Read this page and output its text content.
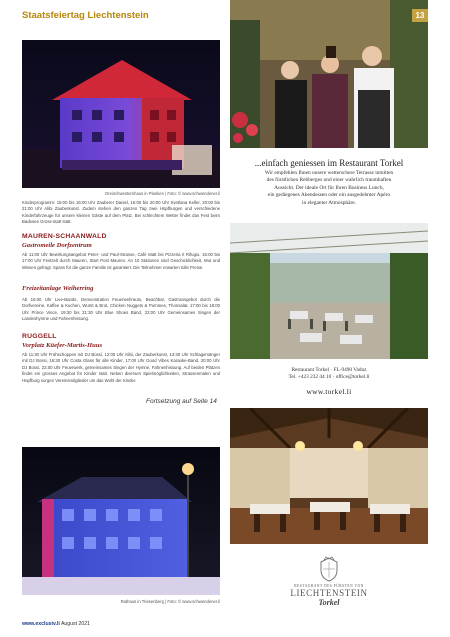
Staatsfeiertag Liechtenstein
Dreischwesternhaus in Planken | Foto: © www.schwendener.li
Kinderprogramm: 15:00 bis 16:00 Uhr Zauberer Daniel, 16:00 bis 20:00 Uhr Svetlana Keller, 20:00 bis 21:00 Uhr Alibi Zauberkunst. Zudem stehen den ganzen Tag zwei Hüpfburgen und verschiedene Kinderfahrzeuge für unsere kleinen Gäste auf dem Platz. Bei schlechtem Wetter findet das Fest beim Badesee Gross-statt statt.
MAUREN-SCHAANWALD
Gastromeile Dorfzentrum
Ab 11:00 Uhr Bewirtungsangebot Peter- und Paul-Strasse, Café Matt bis Pizzeria Il Rifugio. 15:00 bis 17:00 Uhr Festzelt durch Mauren, Start Post Mauren. An 10 Stationen sind Geschicklichkeit, Mut und Wissen gefragt. Spass für die ganze Familie ist garantiert. Die Teilnehmer erwarten tolle Preise.
Freizeitanlage Weiherring
Ab 16:00 Uhr Live-Bands, Demonstration Feuerwehrauto, Beachbar, Gastroangebot durch die Dorfvereine, Kaffee & Kuchen, Wurst & Brot, Chicken Nuggets & Pommes, Thonsalat. 17:00 bis 18:00 Uhr Prince Vince, 19:30 bis 21:30 Uhr Blue Shoes Band, 22:00 Uhr Gemeinsames Singen der Landeshymne und Fahnenhissung.
RUGGELL
Vorplatz Küefer-Martis-Huus
Ab 11:30 Uhr Frühschoppen mit DJ Bossi, 12:00 Uhr Alibi, der Zauberkunst, 13:30 Uhr Schlagersänger mit DJ Bossi, 16:30 Uhr Costa Glass für alle Kinder, 17:00 Uhr Good Vibes Karaoke-Band, 20:00 Uhr DJ Bossi, 22:00 Uhr Feuerwerk, gemeinsames Singen der Hymne, Fahnenhissung. Auf beiden Plätzen findet ein grosses Angebot für Kinder statt. Neben diversen Spielmöglichkeiten, Strassenmalen und Hüpfburg sorgen Vereinsmitglieder um das Wohl der Kinder.
Fortsetzung auf Seite 14
Rathaus in Triesenberg | Foto: © www.schwendener.li
www.exclusiv.li August 2021
13
...einfach geniessen im Restaurant Torkel
Wir empfehlen Ihnen unsere wetterschere Terrasse inmitten
des fürstlichen Rebberges und einer wahrlich traumhaften
Aussicht. Der ideale Ort für Ihren Business Lunch,
ein gediegenes Abendessen oder ein ausgedehnter Apéro
in eleganter Atmosphäre.
Restaurant Torkel · FL-9490 Vaduz
Tel. +423 232 44 10 · office@torkel.li
www.torkel.li
RESTAURANT DES FÜRSTEN VON
LIECHTENSTEIN
Torkel
